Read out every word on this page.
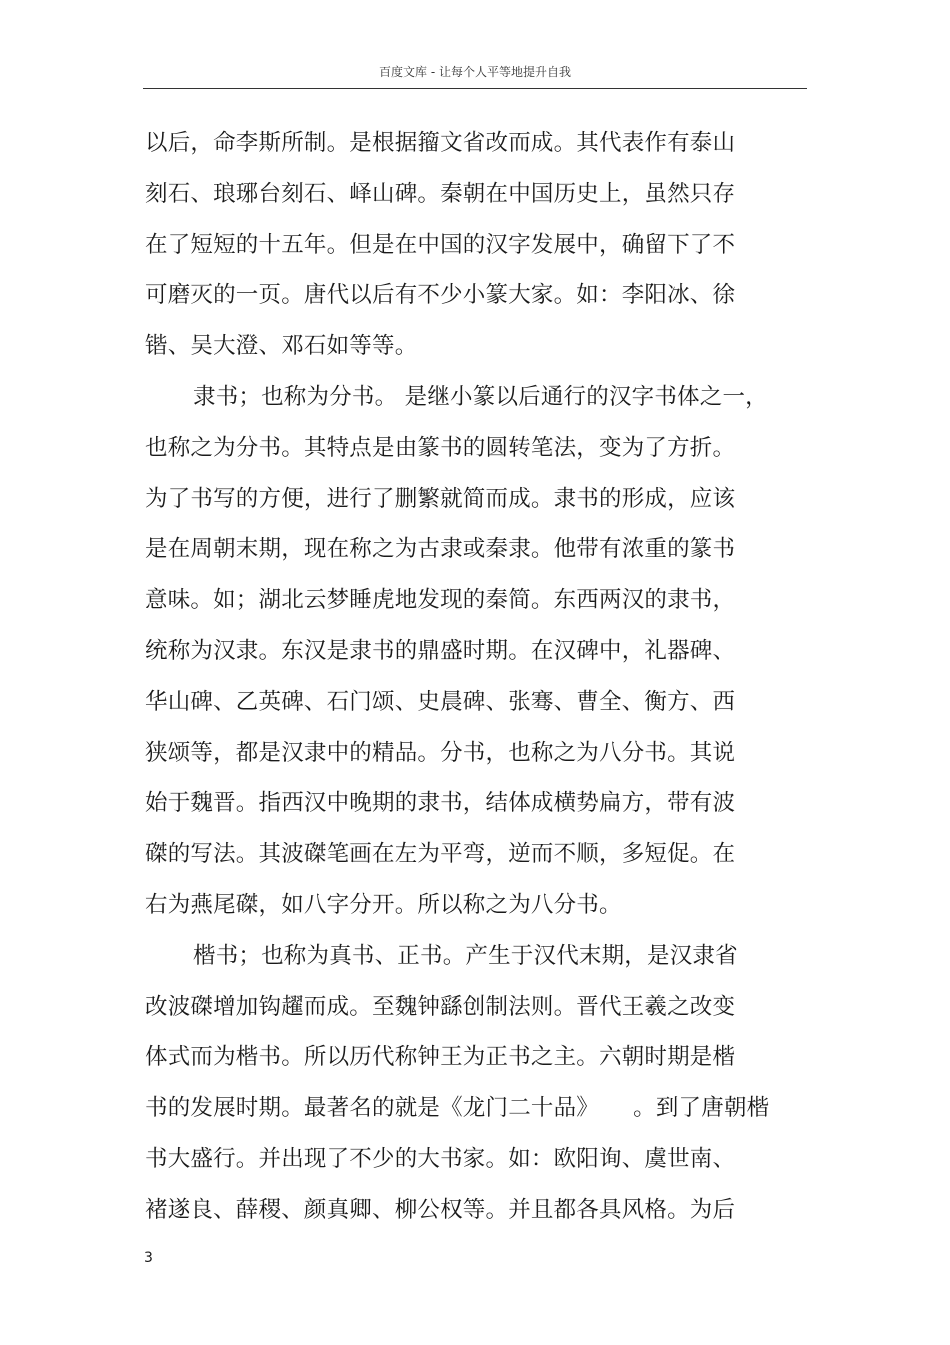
百度文库 - 让每个人平等地提升自我
以后，命李斯所制。是根据籀文省改而成。其代表作有泰山
刻石、琅琊台刻石、峄山碑。秦朝在中国历史上，虽然只存
在了短短的十五年。但是在中国的汉字发展中，确留下了不
可磨灭的一页。唐代以后有不少小篆大家。如：李阳冰、徐
锴、吴大澄、邓石如等等。
隶书；也称为分书。 是继小篆以后通行的汉字书体之一，
也称之为分书。其特点是由篆书的圆转笔法，变为了方折。
为了书写的方便，进行了删繁就简而成。隶书的形成，应该
是在周朝末期，现在称之为古隶或秦隶。他带有浓重的篆书
意味。如；湖北云梦睡虎地发现的秦简。东西两汉的隶书，
统称为汉隶。东汉是隶书的鼎盛时期。在汉碑中，礼器碑、
华山碑、乙英碑、石门颂、史晨碑、张骞、曹全、衡方、西
狭颂等，都是汉隶中的精品。分书，也称之为八分书。其说
始于魏晋。指西汉中晚期的隶书，结体成横势扁方，带有波
磔的写法。其波磔笔画在左为平弯，逆而不顺，多短促。在
右为燕尾磔，如八字分开。所以称之为八分书。
楷书；也称为真书、正书。产生于汉代末期，是汉隶省
改波磔增加钩趯而成。至魏钟繇创制法则。晋代王羲之改变
体式而为楷书。所以历代称钟王为正书之主。六朝时期是楷
书的发展时期。最著名的就是《龙门二十品》　　。到了唐朝楷
书大盛行。并出现了不少的大书家。如：欧阳询、虞世南、
褚遂良、薛稷、颜真卿、柳公权等。并且都各具风格。为后
3
